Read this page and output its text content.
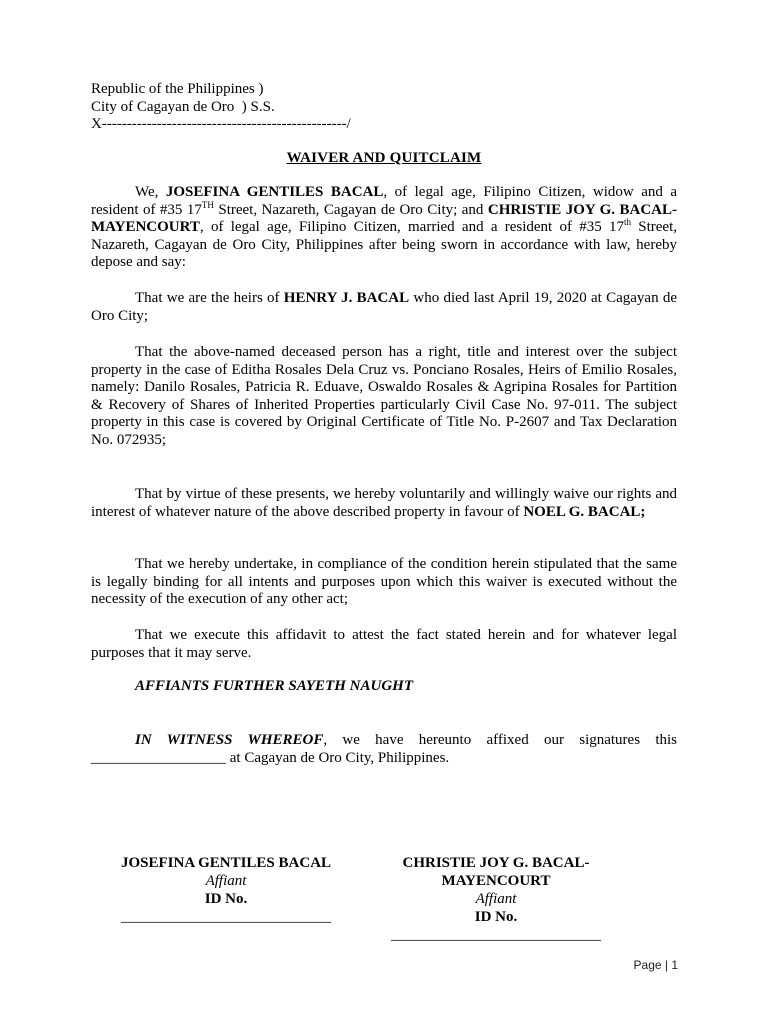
Republic of the Philippines )
City of Cagayan de Oro  ) S.S.
X-------------------------------------------------/
WAIVER AND QUITCLAIM

We, JOSEFINA GENTILES BACAL, of legal age, Filipino Citizen, widow and a resident of #35 17TH Street, Nazareth, Cagayan de Oro City; and CHRISTIE JOY G. BACAL-MAYENCOURT, of legal age, Filipino Citizen, married and a resident of #35 17th Street, Nazareth, Cagayan de Oro City, Philippines after being sworn in accordance with law, hereby depose and say:

That we are the heirs of HENRY J. BACAL who died last April 19, 2020 at Cagayan de Oro City;

That the above-named deceased person has a right, title and interest over the subject property in the case of Editha Rosales Dela Cruz vs. Ponciano Rosales, Heirs of Emilio Rosales, namely: Danilo Rosales, Patricia R. Eduave, Oswaldo Rosales & Agripina Rosales for Partition & Recovery of Shares of Inherited Properties particularly Civil Case No. 97-011. The subject property in this case is covered by Original Certificate of Title No. P-2607 and Tax Declaration No. 072935;

That by virtue of these presents, we hereby voluntarily and willingly waive our rights and interest of whatever nature of the above described property in favour of NOEL G. BACAL;

That we hereby undertake, in compliance of the condition herein stipulated that the same is legally binding for all intents and purposes upon which this waiver is executed without the necessity of the execution of any other act;

That we execute this affidavit to attest the fact stated herein and for whatever legal purposes that it may serve.

AFFIANTS FURTHER SAYETH NAUGHT

IN WITNESS WHEREOF, we have hereunto affixed our signatures this __________________ at Cagayan de Oro City, Philippines.

JOSEFINA GENTILES BACAL
Affiant
ID No.
____________________________
CHRISTIE JOY G. BACAL-
MAYENCOURT
Affiant
ID No.
____________________________
Page | 1
